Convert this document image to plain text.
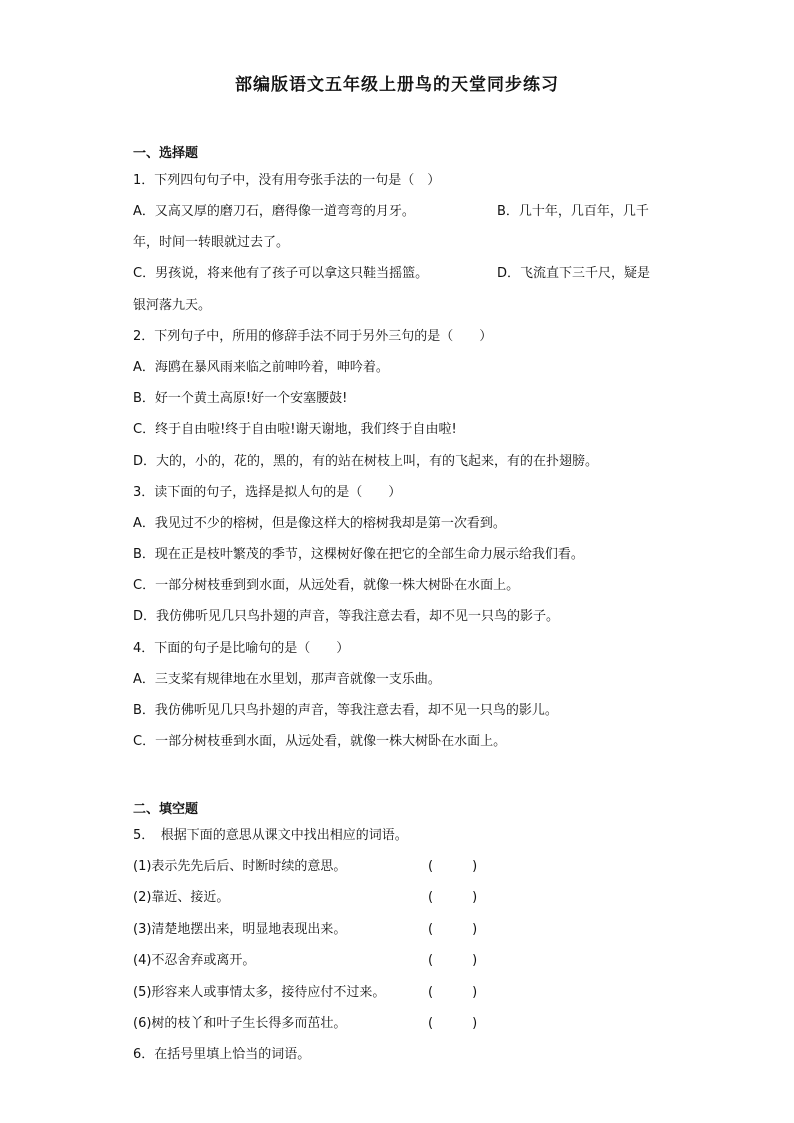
部编版语文五年级上册鸟的天堂同步练习
一、选择题
1．下列四句句子中，没有用夸张手法的一句是（　）
A．又高又厚的磨刀石，磨得像一道弯弯的月牙。	B．几十年，几百年，几千
年，时间一转眼就过去了。
C．男孩说，将来他有了孩子可以拿这只鞋当摇篮。	D．飞流直下三千尺，疑是
银河落九天。
2．下列句子中，所用的修辞手法不同于另外三句的是（　　）
A．海鸥在暴风雨来临之前呻吟着，呻吟着。
B．好一个黄土高原!好一个安塞腰鼓!
C．终于自由啦!终于自由啦!谢天谢地，我们终于自由啦!
D．大的，小的，花的，黑的，有的站在树枝上叫，有的飞起来，有的在扑翅膀。
3．读下面的句子，选择是拟人句的是（　　）
A．我见过不少的榕树，但是像这样大的榕树我却是第一次看到。
B．现在正是枝叶繁茂的季节，这棵树好像在把它的全部生命力展示给我们看。
C．一部分树枝垂到到水面，从远处看，就像一株大树卧在水面上。
D．我仿佛听见几只鸟扑翅的声音，等我注意去看，却不见一只鸟的影子。
4．下面的句子是比喻句的是（　　）
A．三支桨有规律地在水里划，那声音就像一支乐曲。
B．我仿佛听见几只鸟扑翅的声音，等我注意去看，却不见一只鸟的影儿。
C．一部分树枝垂到水面，从远处看，就像一株大树卧在水面上。
二、填空题
5．　根据下面的意思从课文中找出相应的词语。
(1)表示先先后后、时断时续的意思。	(　　　)
(2)靠近、接近。	(　　　)
(3)清楚地摆出来，明显地表现出来。	(　　　)
(4)不忍舍弃或离开。	(　　　)
(5)形容来人或事情太多，接待应付不过来。	(　　　)
(6)树的枝丫和叶子生长得多而茁壮。	(　　　)
6．在括号里填上恰当的词语。
